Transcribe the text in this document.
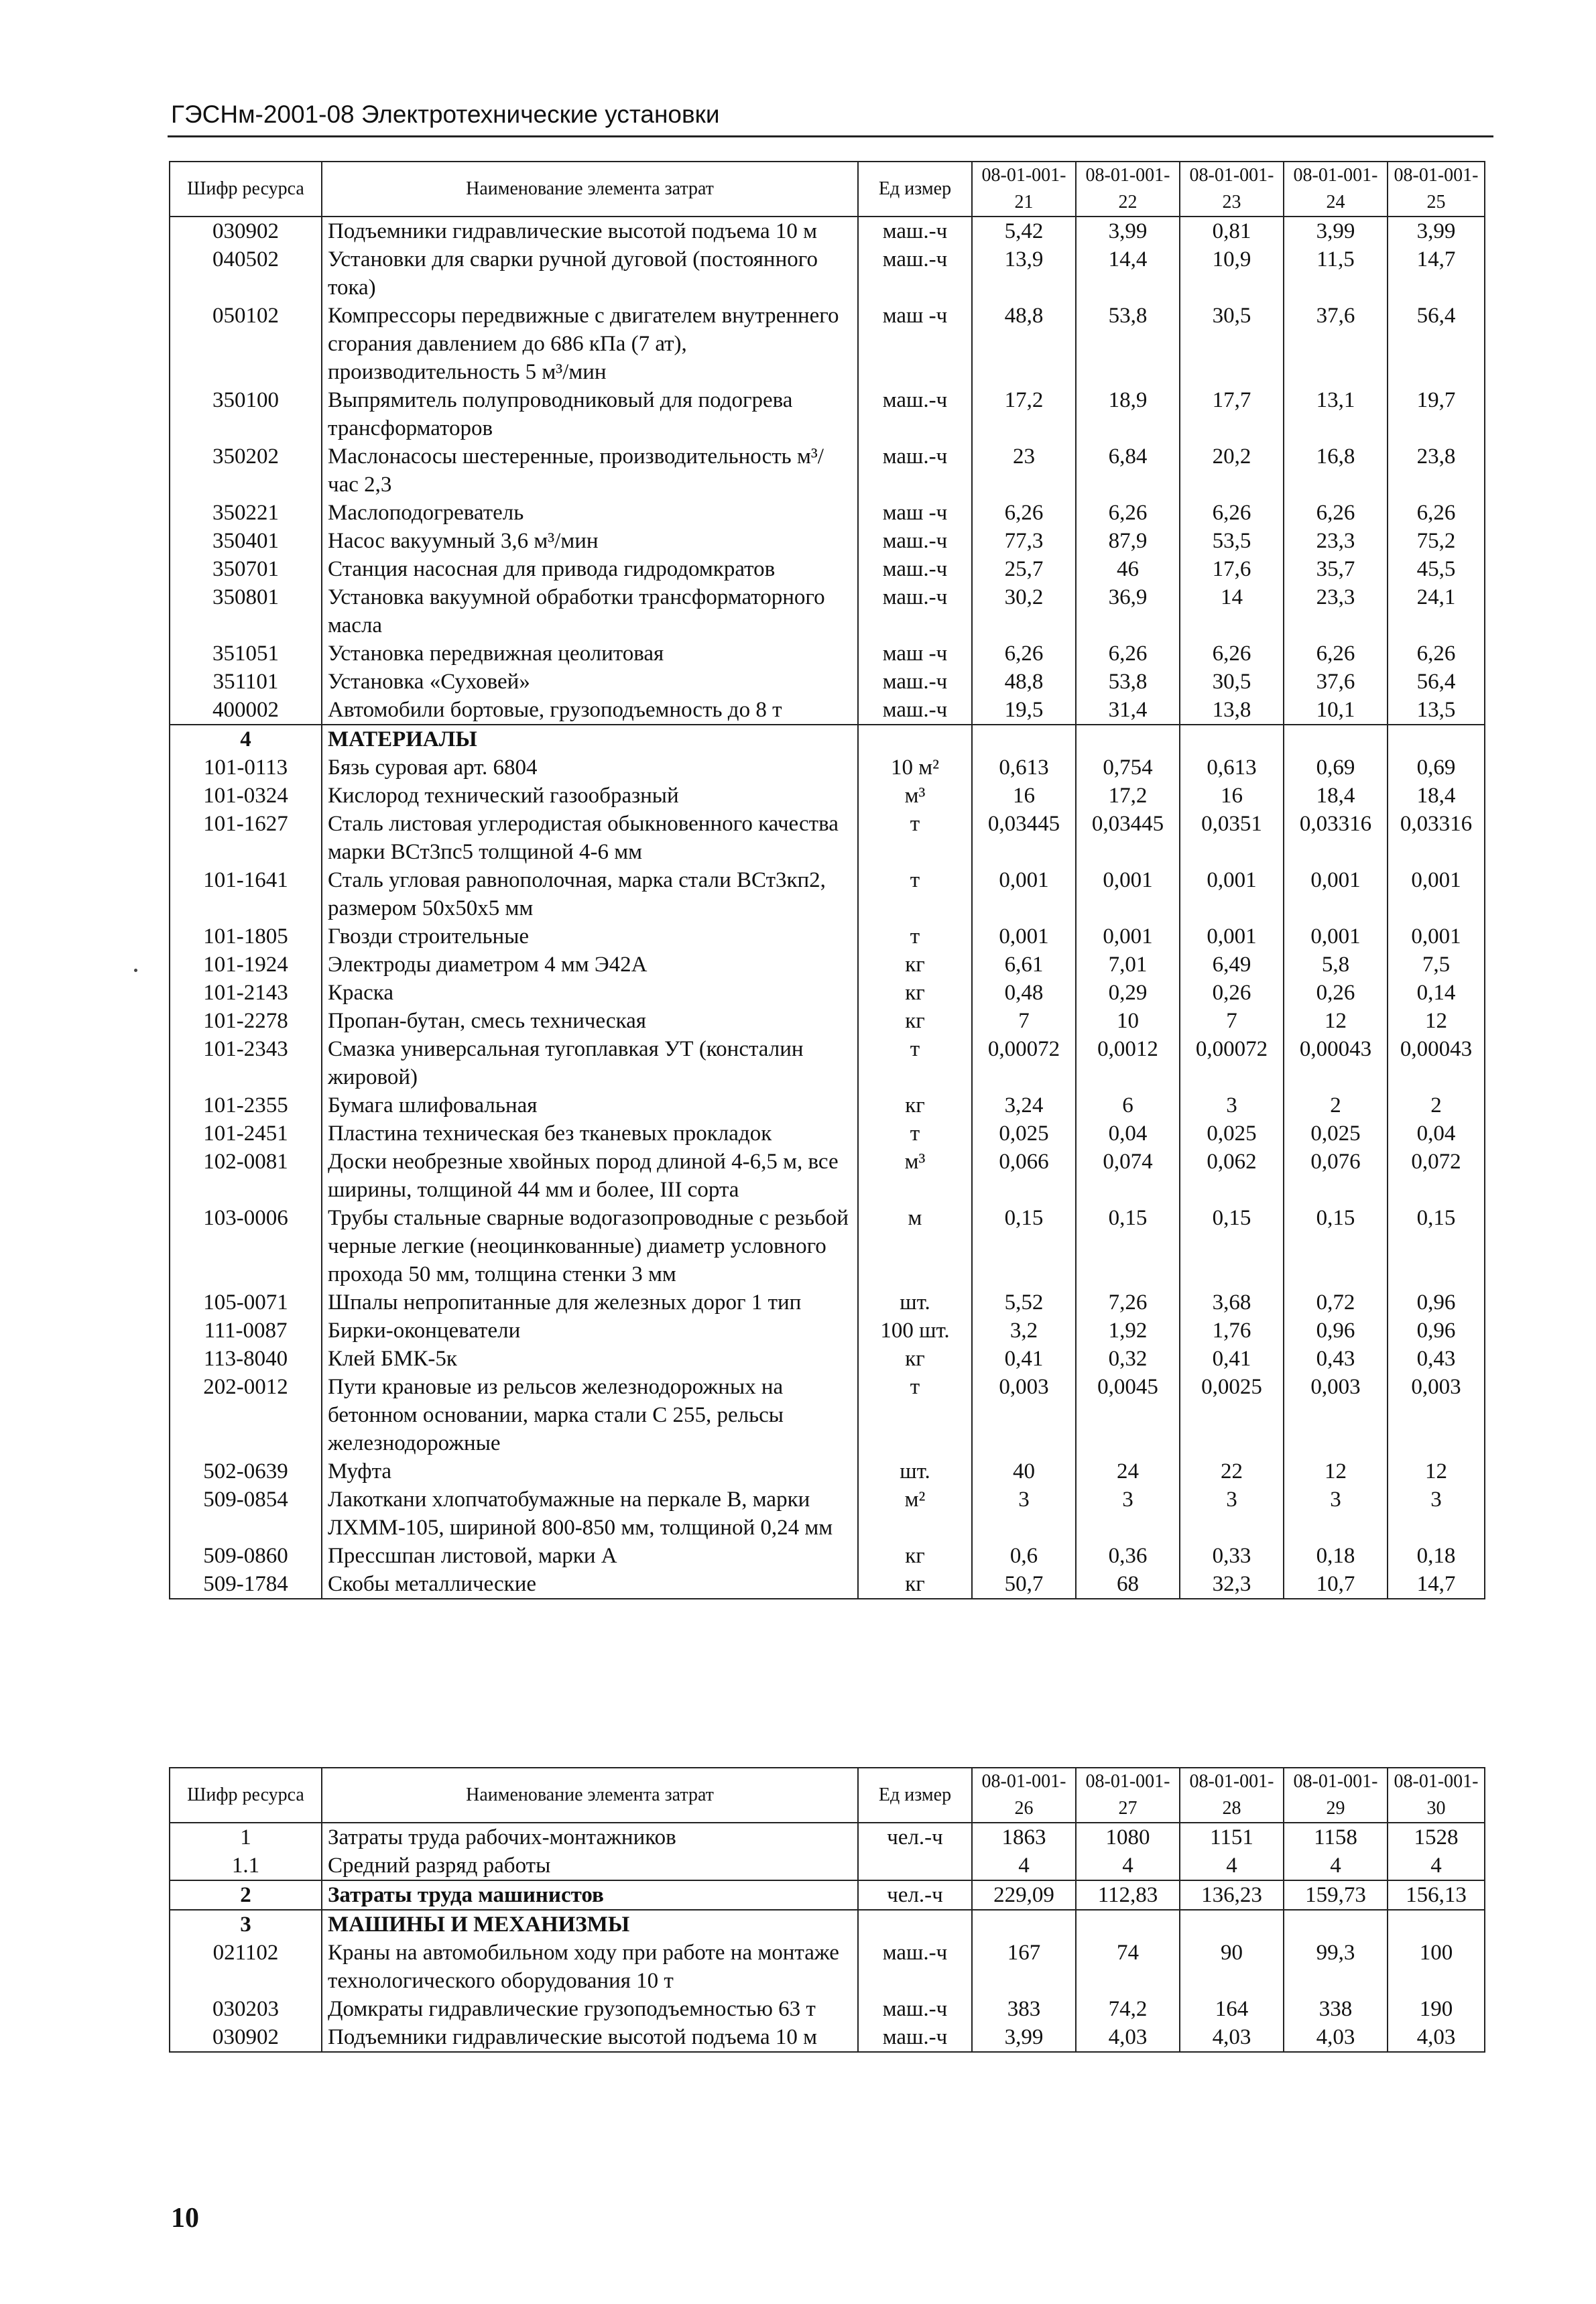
ГЭСНм-2001-08 Электротехнические установки
Шифр ресурса	Наименование элемента затрат	Ед измер	08-01-001-21	08-01-001-22	08-01-001-23	08-01-001-24	08-01-001-25
030902	Подъемники гидравлические высотой подъема 10 м	маш.-ч	5,42	3,99	0,81	3,99	3,99
040502	Установки для сварки ручной дуговой (постоянного тока)	маш.-ч	13,9	14,4	10,9	11,5	14,7
050102	Компрессоры передвижные с двигателем внутреннего сгорания давлением до 686 кПа (7 ат), производительность 5 м³/мин	маш -ч	48,8	53,8	30,5	37,6	56,4
350100	Выпрямитель полупроводниковый для подогрева трансформаторов	маш.-ч	17,2	18,9	17,7	13,1	19,7
350202	Маслонасосы шестеренные, производительность м³/час 2,3	маш.-ч	23	6,84	20,2	16,8	23,8
350221	Маслоподогреватель	маш -ч	6,26	6,26	6,26	6,26	6,26
350401	Насос вакуумный 3,6 м³/мин	маш.-ч	77,3	87,9	53,5	23,3	75,2
350701	Станция насосная для привода гидродомкратов	маш.-ч	25,7	46	17,6	35,7	45,5
350801	Установка вакуумной обработки трансформаторного масла	маш.-ч	30,2	36,9	14	23,3	24,1
351051	Установка передвижная цеолитовая	маш -ч	6,26	6,26	6,26	6,26	6,26
351101	Установка «Суховей»	маш.-ч	48,8	53,8	30,5	37,6	56,4
400002	Автомобили бортовые, грузоподъемность до 8 т	маш.-ч	19,5	31,4	13,8	10,1	13,5
4	МАТЕРИАЛЫ						
101-0113	Бязь суровая арт. 6804	10 м²	0,613	0,754	0,613	0,69	0,69
101-0324	Кислород технический газообразный	м³	16	17,2	16	18,4	18,4
101-1627	Сталь листовая углеродистая обыкновенного качества марки ВСт3пс5 толщиной 4-6 мм	т	0,03445	0,03445	0,0351	0,03316	0,03316
101-1641	Сталь угловая равнополочная, марка стали ВСт3кп2, размером 50х50х5 мм	т	0,001	0,001	0,001	0,001	0,001
101-1805	Гвозди строительные	т	0,001	0,001	0,001	0,001	0,001
101-1924	Электроды диаметром 4 мм Э42А	кг	6,61	7,01	6,49	5,8	7,5
101-2143	Краска	кг	0,48	0,29	0,26	0,26	0,14
101-2278	Пропан-бутан, смесь техническая	кг	7	10	7	12	12
101-2343	Смазка универсальная тугоплавкая УТ (консталин жировой)	т	0,00072	0,0012	0,00072	0,00043	0,00043
101-2355	Бумага шлифовальная	кг	3,24	6	3	2	2
101-2451	Пластина техническая без тканевых прокладок	т	0,025	0,04	0,025	0,025	0,04
102-0081	Доски необрезные хвойных пород длиной 4-6,5 м, все ширины, толщиной 44 мм и более, III сорта	м³	0,066	0,074	0,062	0,076	0,072
103-0006	Трубы стальные сварные водогазопроводные с резьбой черные легкие (неоцинкованные) диаметр условного прохода 50 мм, толщина стенки 3 мм	м	0,15	0,15	0,15	0,15	0,15
105-0071	Шпалы непропитанные для железных дорог 1 тип	шт.	5,52	7,26	3,68	0,72	0,96
111-0087	Бирки-оконцеватели	100 шт.	3,2	1,92	1,76	0,96	0,96
113-8040	Клей БМК-5к	кг	0,41	0,32	0,41	0,43	0,43
202-0012	Пути крановые из рельсов железнодорожных на бетонном основании, марка стали С 255, рельсы железнодорожные	т	0,003	0,0045	0,0025	0,003	0,003
502-0639	Муфта	шт.	40	24	22	12	12
509-0854	Лакоткани хлопчатобумажные на перкале В, марки ЛХММ-105, шириной 800-850 мм, толщиной 0,24 мм	м²	3	3	3	3	3
509-0860	Прессшпан листовой, марки А	кг	0,6	0,36	0,33	0,18	0,18
509-1784	Скобы металлические	кг	50,7	68	32,3	10,7	14,7
Шифр ресурса	Наименование элемента затрат	Ед измер	08-01-001-26	08-01-001-27	08-01-001-28	08-01-001-29	08-01-001-30
1	Затраты труда рабочих-монтажников	чел.-ч	1863	1080	1151	1158	1528
1.1	Средний разряд работы		4	4	4	4	4
2	Затраты труда машинистов	чел.-ч	229,09	112,83	136,23	159,73	156,13
3	МАШИНЫ И МЕХАНИЗМЫ						
021102	Краны на автомобильном ходу при работе на монтаже технологического оборудования 10 т	маш.-ч	167	74	90	99,3	100
030203	Домкраты гидравлические грузоподъемностью 63 т	маш.-ч	383	74,2	164	338	190
030902	Подъемники гидравлические высотой подъема 10 м	маш.-ч	3,99	4,03	4,03	4,03	4,03
10
